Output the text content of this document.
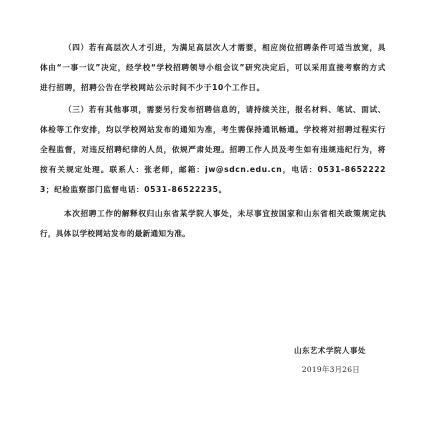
（四）若有高层次人才引进，为满足高层次人才需要，相应岗位招聘条件可适当放宽，具体由“一事一议”决定，经学校“学校招聘领导小组会议”研究决定后，可以采用直接考察的方式进行招聘，招聘公告在学校网站公示时间不少于10个工作日。

（三）若有其他事项，需要另行发布招聘信息的，请持续关注，报名材料、笔试、面试、体检等工作安排，均以学校网站发布的通知为准，考生需保持通讯畅通。学校将对招聘过程实行全程监督，对违反招聘纪律的人员，依规严肃处理。招聘工作人员及考生如有违规违纪行为，将按有关规定处理。联系人：张老师，邮箱：jw@sdcn.edu.cn，电话：0531-86522223；纪检监察部门监督电话：0531-86522235。

本次招聘工作的解释权归山东省某学院人事处，未尽事宜按国家和山东省相关政策规定执行，具体以学校网站发布的最新通知为准。

山东艺术学院人事处
2019年3月26日
